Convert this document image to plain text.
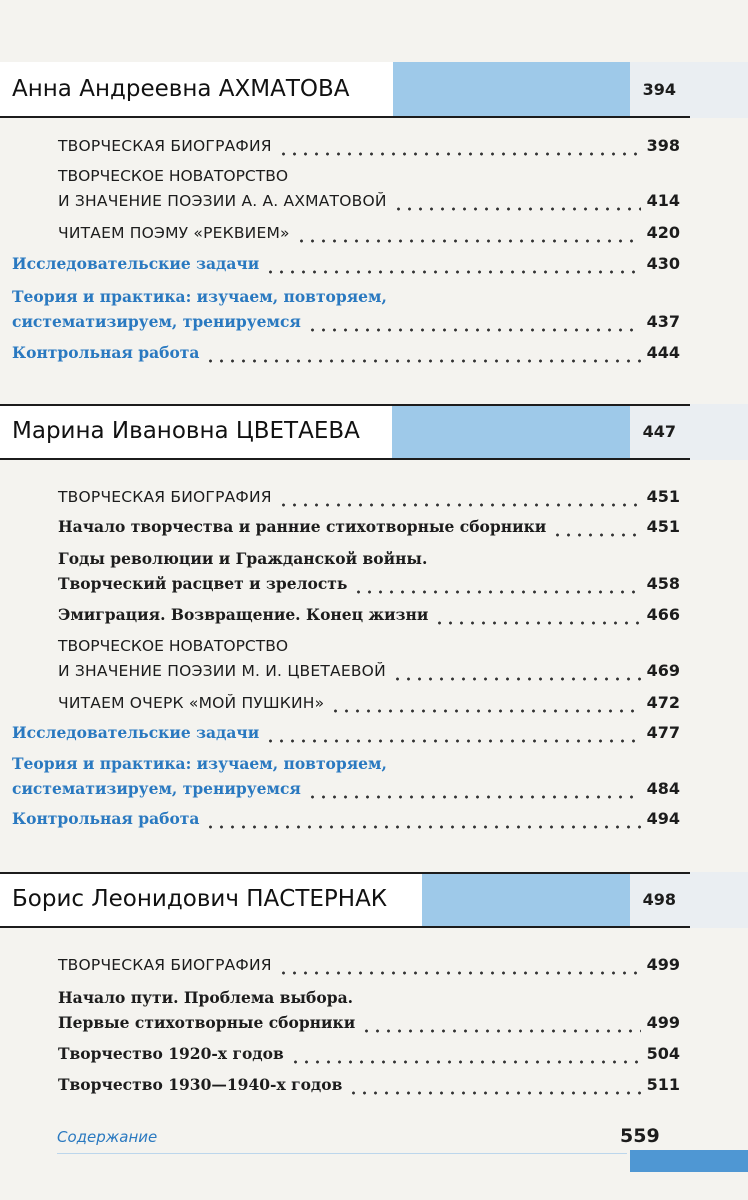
Анна Андреевна АХМАТОВА	394
ТВОРЧЕСКАЯ БИОГРАФИЯ	398
ТВОРЧЕСКОЕ НОВАТОРСТВО
И ЗНАЧЕНИЕ ПОЭЗИИ А. А. АХМАТОВОЙ	414
ЧИТАЕМ ПОЭМУ «РЕКВИЕМ»	420
Исследовательские задачи	430
Теория и практика: изучаем, повторяем,
систематизируем, тренируемся	437
Контрольная работа	444
Марина Ивановна ЦВЕТАЕВА	447
ТВОРЧЕСКАЯ БИОГРАФИЯ	451
Начало творчества и ранние стихотворные сборники	451
Годы революции и Гражданской войны.
Творческий расцвет и зрелость	458
Эмиграция. Возвращение. Конец жизни	466
ТВОРЧЕСКОЕ НОВАТОРСТВО
И ЗНАЧЕНИЕ ПОЭЗИИ М. И. ЦВЕТАЕВОЙ	469
ЧИТАЕМ ОЧЕРК «МОЙ ПУШКИН»	472
Исследовательские задачи	477
Теория и практика: изучаем, повторяем,
систематизируем, тренируемся	484
Контрольная работа	494
Борис Леонидович ПАСТЕРНАК	498
ТВОРЧЕСКАЯ БИОГРАФИЯ	499
Начало пути. Проблема выбора.
Первые стихотворные сборники	499
Творчество 1920-х годов	504
Творчество 1930—1940-х годов	511
Содержание	559
